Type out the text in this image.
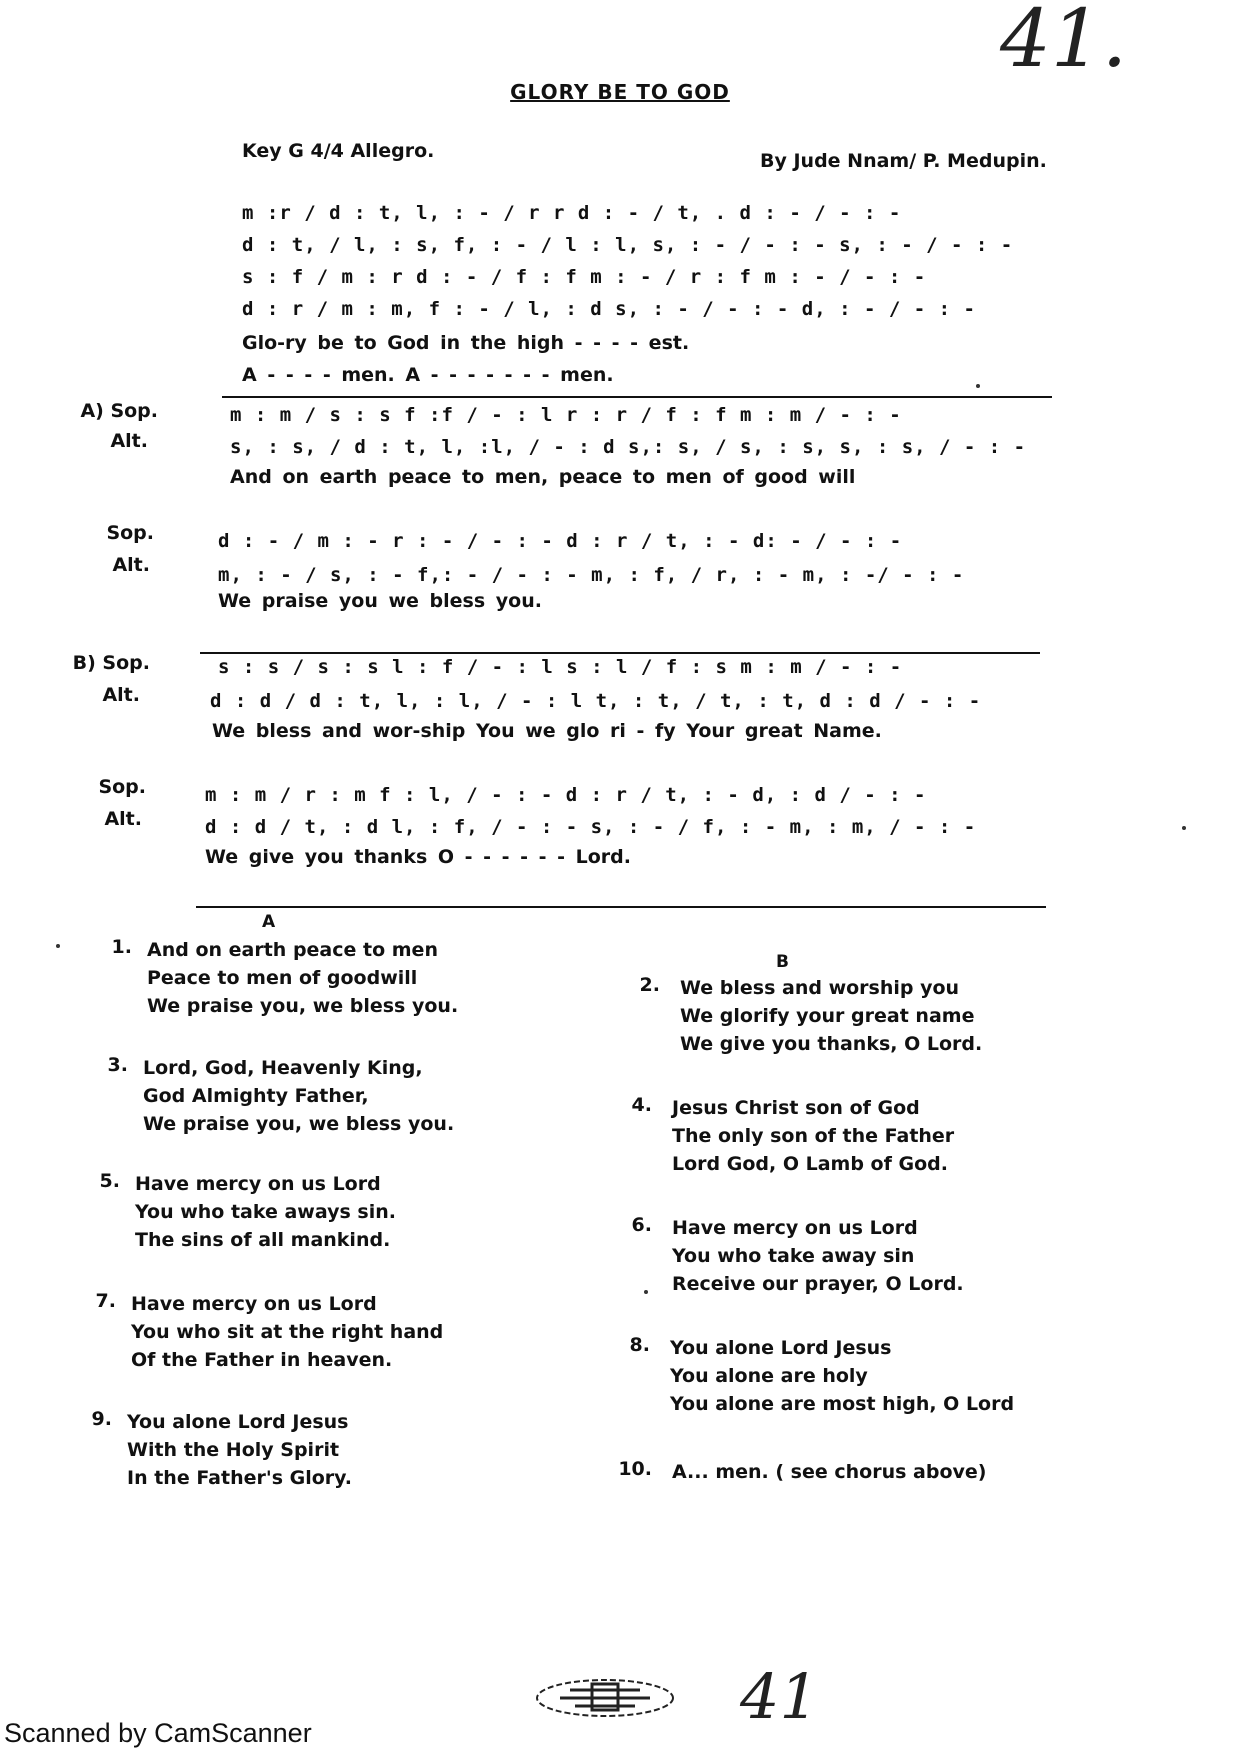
41.
GLORY BE TO GOD
Key G 4/4 Allegro.	By Jude Nnam/ P. Medupin.
m :r / d : t, l, : - / r r d : - / t, . d : - / - : -
d : t, / l, : s, f, : - / l : l, s, : - / - : - s, : - / - : -
s : f / m : r d : - / f : f m : - / r : f m : - / - : -
d : r / m : m, f : - / l, : d s, : - / - : - d, : - / - : -
Glo-ry be to God in the high - - - - est.
A - - - - men. A - - - - - - - men.
A) Sop.
Alt.
m : m / s : s f :f / - : l r : r / f : f m : m / - : -
s, : s, / d : t, l, :l, / - : d s,: s, / s, : s, s, : s, / - : -
And on earth peace to men, peace to men of good will
Sop.
Alt.
d : - / m : - r : - / - : - d : r / t, : - d: - / - : -
m, : - / s, : - f,: - / - : - m, : f, / r, : - m, : -/ - : -
We praise you we bless you.
B) Sop.
Alt.
s : s / s : s l : f / - : l s : l / f : s m : m / - : -
d : d / d : t, l, : l, / - : l t, : t, / t, : t, d : d / - : -
We bless and wor-ship You we glo ri - fy Your great Name.
Sop.
Alt.
m : m / r : m f : l, / - : - d : r / t, : - d, : d / - : -
d : d / t, : d l, : f, / - : - s, : - / f, : - m, : m, / - : -
We give you thanks O - - - - - - Lord.
A
B
1. And on earth peace to men
Peace to men of goodwill
We praise you, we bless you.
3. Lord, God, Heavenly King,
God Almighty Father,
We praise you, we bless you.
5. Have mercy on us Lord
You who take aways sin.
The sins of all mankind.
7. Have mercy on us Lord
You who sit at the right hand
Of the Father in heaven.
9. You alone Lord Jesus
With the Holy Spirit
In the Father's Glory.
2. We bless and worship you
We glorify your great name
We give you thanks, O Lord.
4. Jesus Christ son of God
The only son of the Father
Lord God, O Lamb of God.
6. Have mercy on us Lord
You who take away sin
Receive our prayer, O Lord.
8. You alone Lord Jesus
You alone are holy
You alone are most high, O Lord
10. A... men. ( see chorus above)
41
Scanned by CamScanner
